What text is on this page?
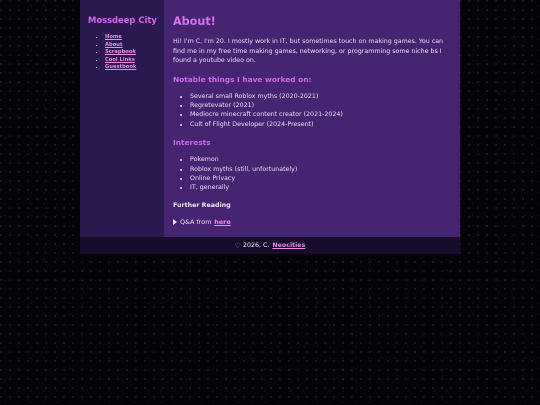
Mossdeep City
• Home
• About
• Scrapbook
• Cool Links
• Guestbook
About!

Hi! I'm C, I'm 20. I mostly work in IT, but sometimes touch on making games. You can find me in my free time making games, networking, or programming some niche bs I found a youtube video on.

Notable things I have worked on:
• Several small Roblox myths (2020-2021)
• Regretevator (2021)
• Mediocre minecraft content creator (2021-2024)
• Cult of Flight Developer (2024-Present)
Interests
• Pokemon
• Roblox myths (still, unfortunately)
• Online Privacy
• IT, generally
Further Reading
Q&A from here
♡ 2026, C. Neocities
